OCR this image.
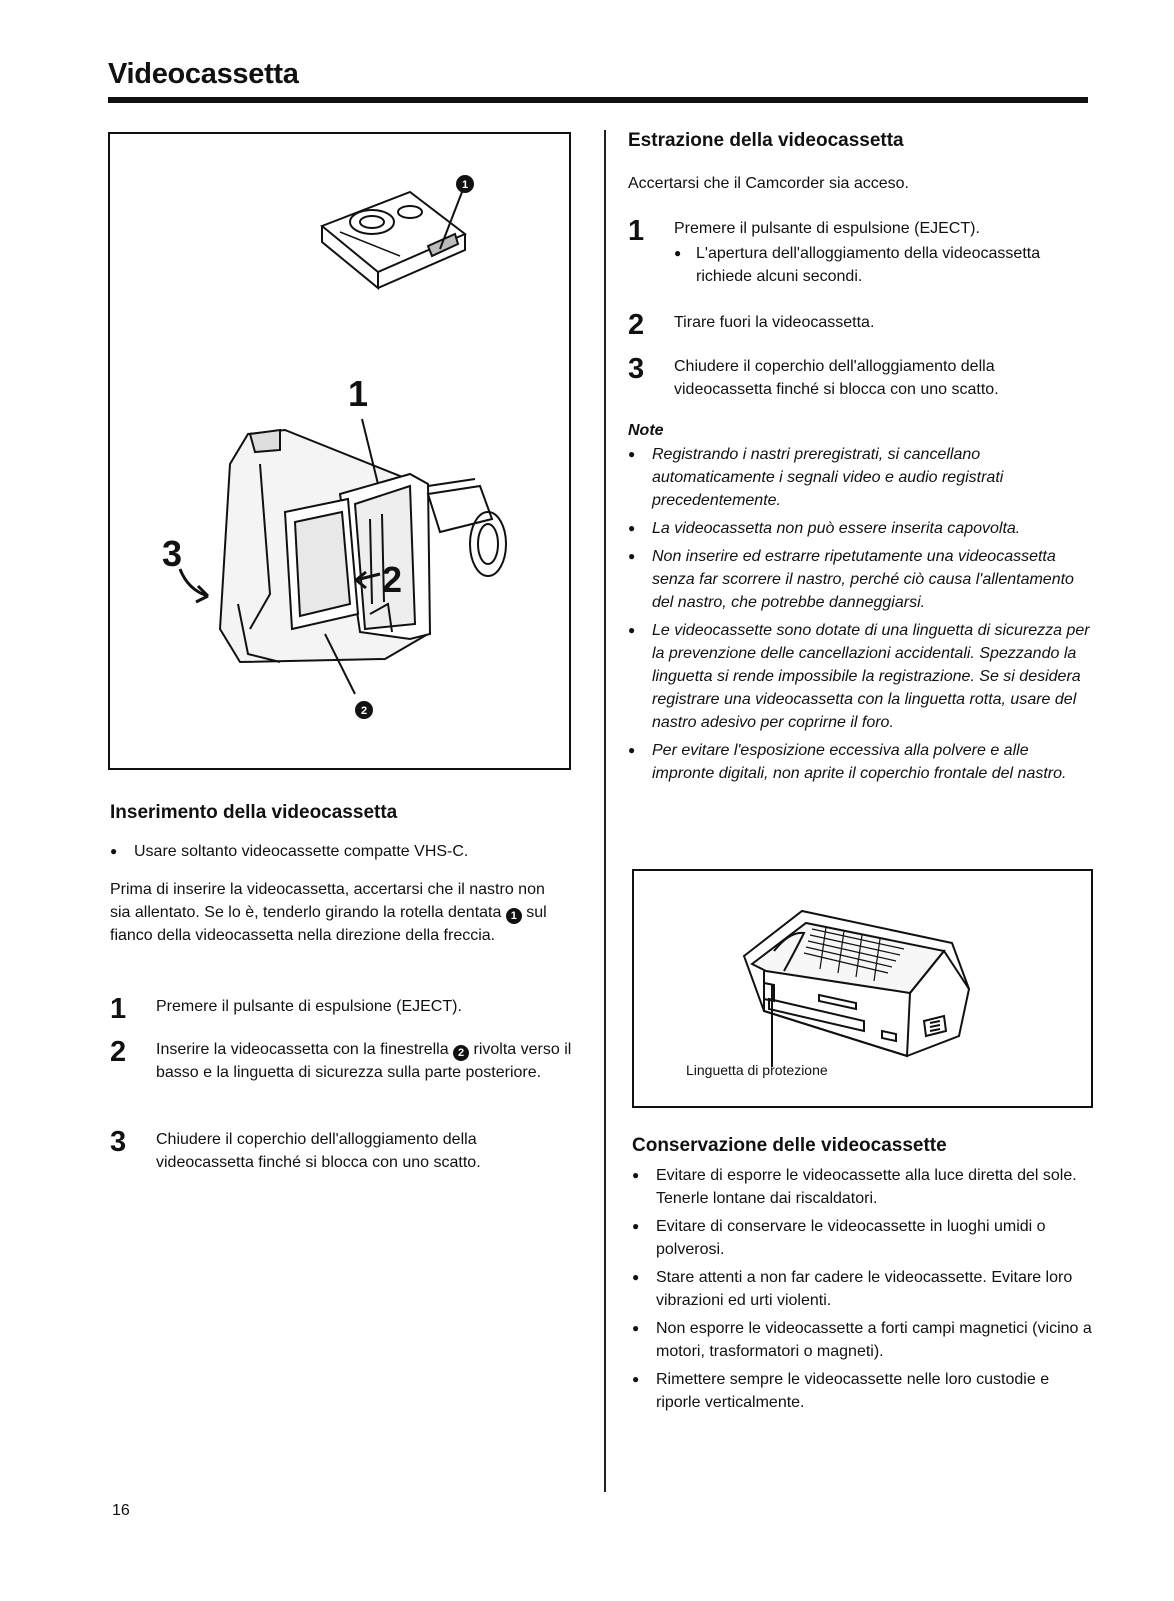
Videocassetta
1
2
3
1
2
Inserimento della videocassetta
● Usare soltanto videocassette compatte VHS-C.

Prima di inserire la videocassetta, accertarsi che il nastro non sia allentato. Se lo è, tenderlo girando la rotella dentata 1 sul fianco della videocassetta nella direzione della freccia.

1 Premere il pulsante di espulsione (EJECT).
2 Inserire la videocassetta con la finestrella 2 rivolta verso il basso e la linguetta di sicurezza sulla parte posteriore.
3 Chiudere il coperchio dell'alloggiamento della videocassetta finché si blocca con uno scatto.
Estrazione della videocassetta

Accertarsi che il Camcorder sia acceso.

1 Premere il pulsante di espulsione (EJECT).
● L'apertura dell'alloggiamento della videocassetta richiede alcuni secondi.
2 Tirare fuori la videocassetta.
3 Chiudere il coperchio dell'alloggiamento della videocassetta finché si blocca con uno scatto.

Note

● Registrando i nastri preregistrati, si cancellano automaticamente i segnali video e audio registrati precedentemente.
● La videocassetta non può essere inserita capovolta.
● Non inserire ed estrarre ripetutamente una videocassetta senza far scorrere il nastro, perché ciò causa l'allentamento del nastro, che potrebbe danneggiarsi.
● Le videocassette sono dotate di una linguetta di sicurezza per la prevenzione delle cancellazioni accidentali. Spezzando la linguetta si rende impossibile la registrazione. Se si desidera registrare una videocassetta con la linguetta rotta, usare del nastro adesivo per coprirne il foro.
● Per evitare l'esposizione eccessiva alla polvere e alle impronte digitali, non aprite il coperchio frontale del nastro.
Linguetta di protezione
Conservazione delle videocassette
● Evitare di esporre le videocassette alla luce diretta del sole. Tenerle lontane dai riscaldatori.
● Evitare di conservare le videocassette in luoghi umidi o polverosi.
● Stare attenti a non far cadere le videocassette. Evitare loro vibrazioni ed urti violenti.
● Non esporre le videocassette a forti campi magnetici (vicino a motori, trasformatori o magneti).
● Rimettere sempre le videocassette nelle loro custodie e riporle verticalmente.
16
